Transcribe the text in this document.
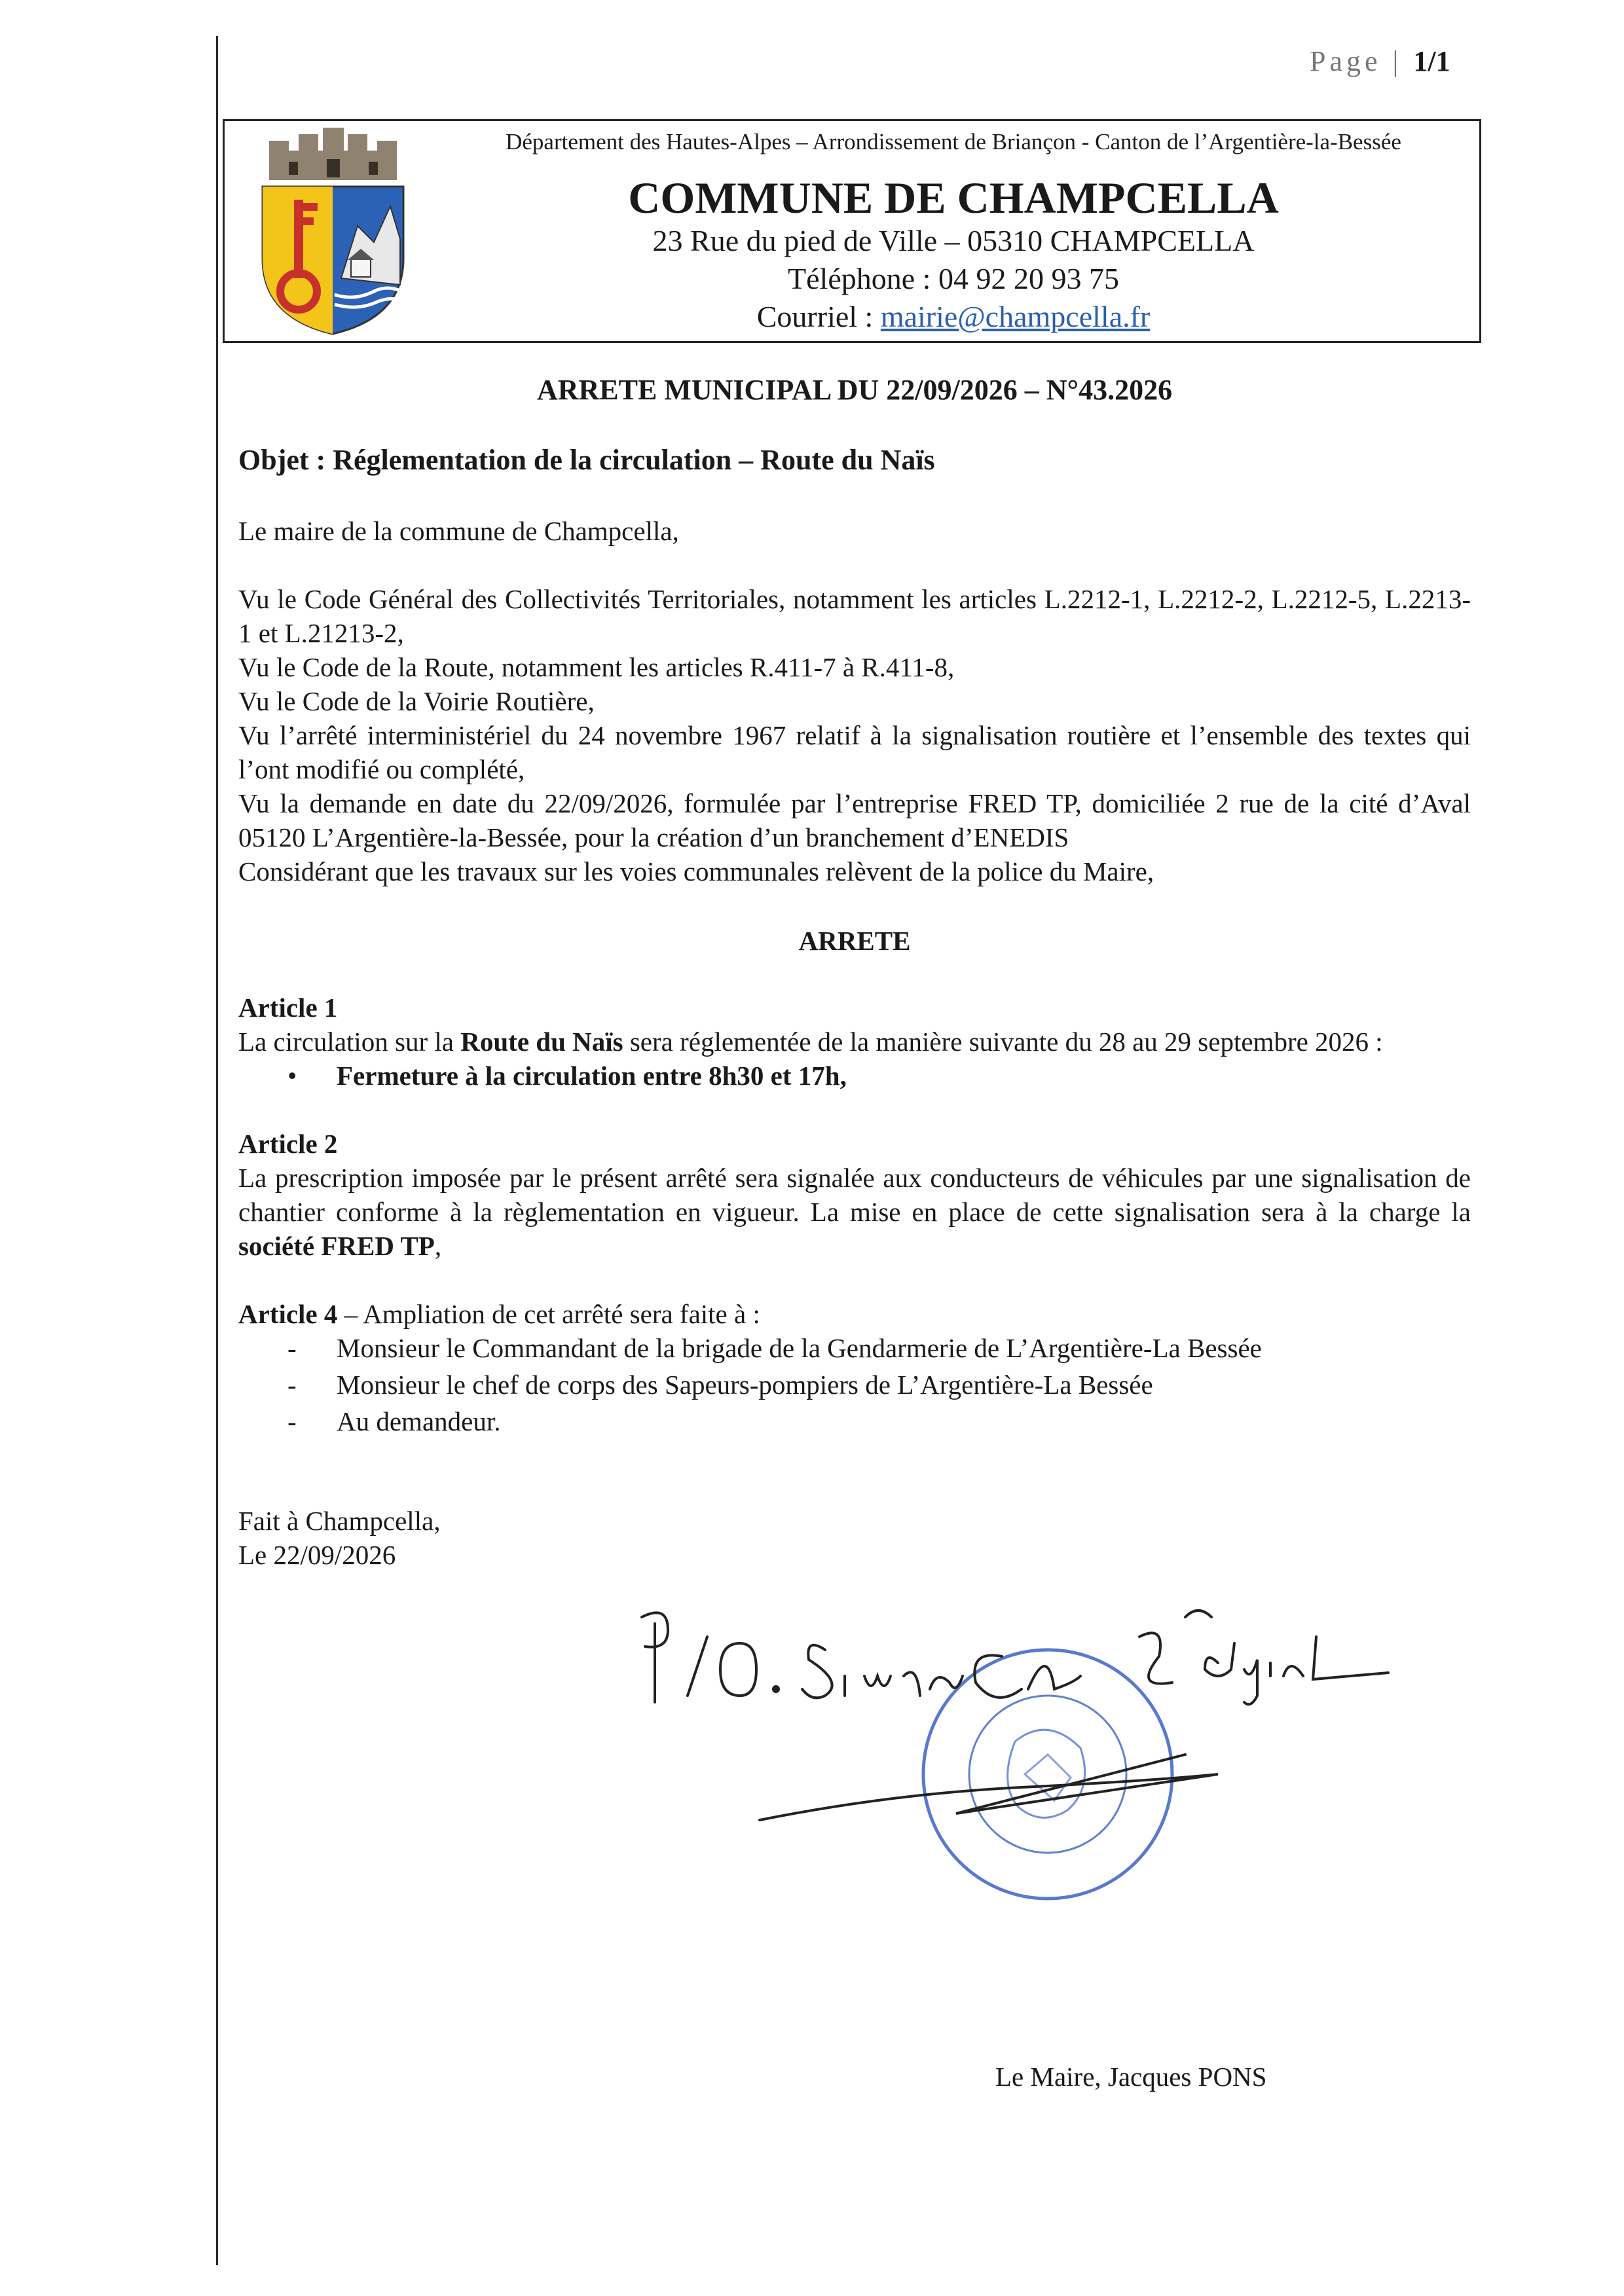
Page | 1/1
Département des Hautes-Alpes – Arrondissement de Briançon - Canton de l’Argentière-la-Bessée
COMMUNE DE CHAMPCELLA
23 Rue du pied de Ville – 05310 CHAMPCELLA
Téléphone : 04 92 20 93 75
Courriel : mairie@champcella.fr

ARRETE MUNICIPAL DU 22/09/2026 – N°43.2026

Objet : Réglementation de la circulation – Route du Naïs

Le maire de la commune de Champcella,

Vu le Code Général des Collectivités Territoriales, notamment les articles L.2212-1, L.2212-2, L.2212-5, L.2213-1 et L.21213-2,

Vu le Code de la Route, notamment les articles R.411-7 à R.411-8,

Vu le Code de la Voirie Routière,

Vu l’arrêté interministériel du 24 novembre 1967 relatif à la signalisation routière et l’ensemble des textes qui l’ont modifié ou complété,

Vu la demande en date du 22/09/2026, formulée par l’entreprise FRED TP, domiciliée 2 rue de la cité d’Aval 05120 L’Argentière-la-Bessée, pour la création d’un branchement d’ENEDIS

Considérant que les travaux sur les voies communales relèvent de la police du Maire,

ARRETE

Article 1

La circulation sur la Route du Naïs sera réglementée de la manière suivante du 28 au 29 septembre 2026 :

• Fermeture à la circulation entre 8h30 et 17h,

Article 2

La prescription imposée par le présent arrêté sera signalée aux conducteurs de véhicules par une signalisation de chantier conforme à la règlementation en vigueur. La mise en place de cette signalisation sera à la charge la société FRED TP,

Article 4 – Ampliation de cet arrêté sera faite à :

- Monsieur le Commandant de la brigade de la Gendarmerie de L’Argentière-La Bessée
- Monsieur le chef de corps des Sapeurs-pompiers de L’Argentière-La Bessée
- Au demandeur.

Fait à Champcella,

Le 22/09/2026

Le Maire, Jacques PONS
